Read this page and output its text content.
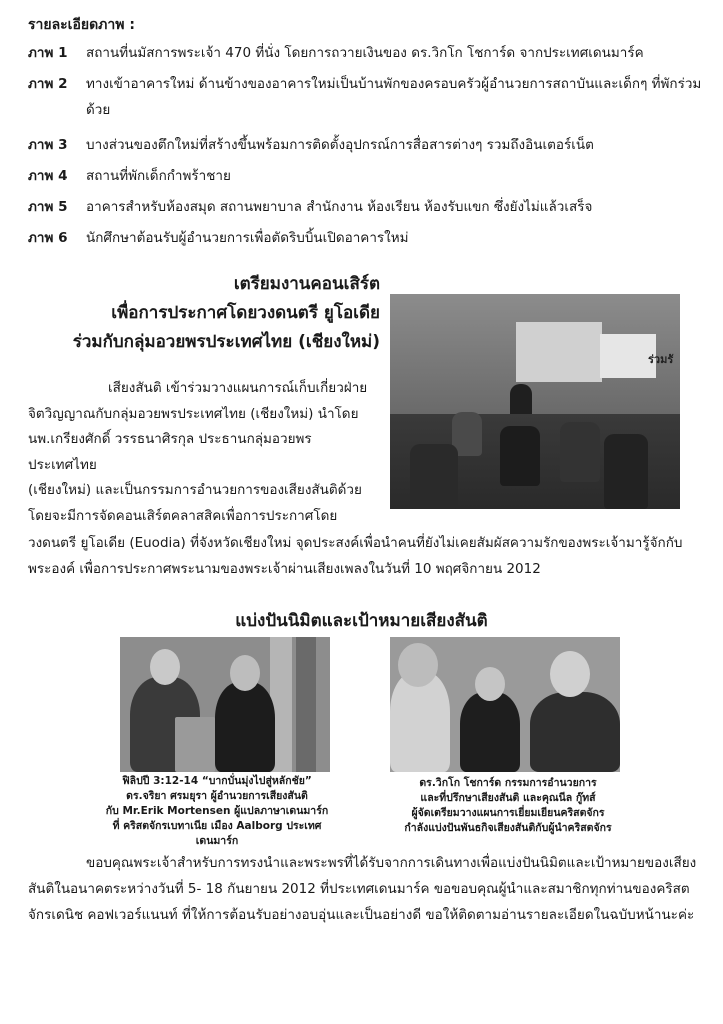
รายละเอียดภาพ :
ภาพ 1	สถานที่นมัสการพระเจ้า 470 ที่นั่ง โดยการถวายเงินของ ดร.วิกโก โชการ์ด จากประเทศเดนมาร์ค
ภาพ 2	ทางเข้าอาคารใหม่ ด้านข้างของอาคารใหม่เป็นบ้านพักของครอบครัวผู้อำนวยการสถาบันและเด็กๆ ที่พักร่วมด้วย
ภาพ 3	บางส่วนของตึกใหม่ที่สร้างขึ้นพร้อมการติดตั้งอุปกรณ์การสื่อสารต่างๆ รวมถึงอินเตอร์เน็ต
ภาพ 4	สถานที่พักเด็กกำพร้าชาย
ภาพ 5	อาคารสำหรับห้องสมุด สถานพยาบาล สำนักงาน ห้องเรียน ห้องรับแขก ซึ่งยังไม่แล้วเสร็จ
ภาพ 6	นักศึกษาต้อนรับผู้อำนวยการเพื่อตัดริบบิ้นเปิดอาคารใหม่
เตรียมงานคอนเสิร์ต
เพื่อการประกาศโดยวงดนตรี ยูโอเดีย
ร่วมกับกลุ่มอวยพรประเทศไทย (เชียงใหม่)
ร่วมรั
เสียงสันติ เข้าร่วมวางแผนการณ์เก็บเกี่ยวฝ่าย
จิตวิญญาณกับกลุ่มอวยพรประเทศไทย (เชียงใหม่) นำโดย
นพ.เกรียงศักดิ์ วรรธนาศิรกุล ประธานกลุ่มอวยพรประเทศไทย
(เชียงใหม่) และเป็นกรรมการอำนวยการของเสียงสันติด้วย
โดยจะมีการจัดคอนเสิร์ตคลาสสิคเพื่อการประกาศโดย
วงดนตรี ยูโอเดีย (Euodia) ที่จังหวัดเชียงใหม่ จุดประสงค์เพื่อนำคนที่ยังไม่เคยสัมผัสความรักของพระเจ้ามารู้จักกับพระองค์ เพื่อการประกาศพระนามของพระเจ้าผ่านเสียงเพลงในวันที่ 10 พฤศจิกายน 2012
แบ่งปันนิมิตและเป้าหมายเสียงสันติ
ฟิลิปปี 3:12-14 “บากบั่นมุ่งไปสู่หลักชัย”
ดร.จริยา ศรมยุรา ผู้อำนวยการเสียงสันติ
กับ Mr.Erik Mortensen ผู้แปลภาษาเดนมาร์ก
ที่ คริสตจักรเบทาเนีย เมือง Aalborg ประเทศเดนมาร์ก
ดร.วิกโก โชการ์ด กรรมการอำนวยการ
และที่ปรึกษาเสียงสันติ และคุณนีล กู๊ทส์
ผู้จัดเตรียมวางแผนการเยี่ยมเยียนคริสตจักร
กำลังแบ่งปันพันธกิจเสียงสันติกับผู้นำคริสตจักร
ขอบคุณพระเจ้าสำหรับการทรงนำและพระพรที่ได้รับจากการเดินทางเพื่อแบ่งปันนิมิตและเป้าหมายของเสียงสันติในอนาคตระหว่างวันที่ 5- 18 กันยายน 2012 ที่ประเทศเดนมาร์ค ขอขอบคุณผู้นำและสมาชิกทุกท่านของคริสตจักรเดนิช คอฟเวอร์แนนท์ ที่ให้การต้อนรับอย่างอบอุ่นและเป็นอย่างดี ขอให้ติดตามอ่านรายละเอียดในฉบับหน้านะค่ะ
